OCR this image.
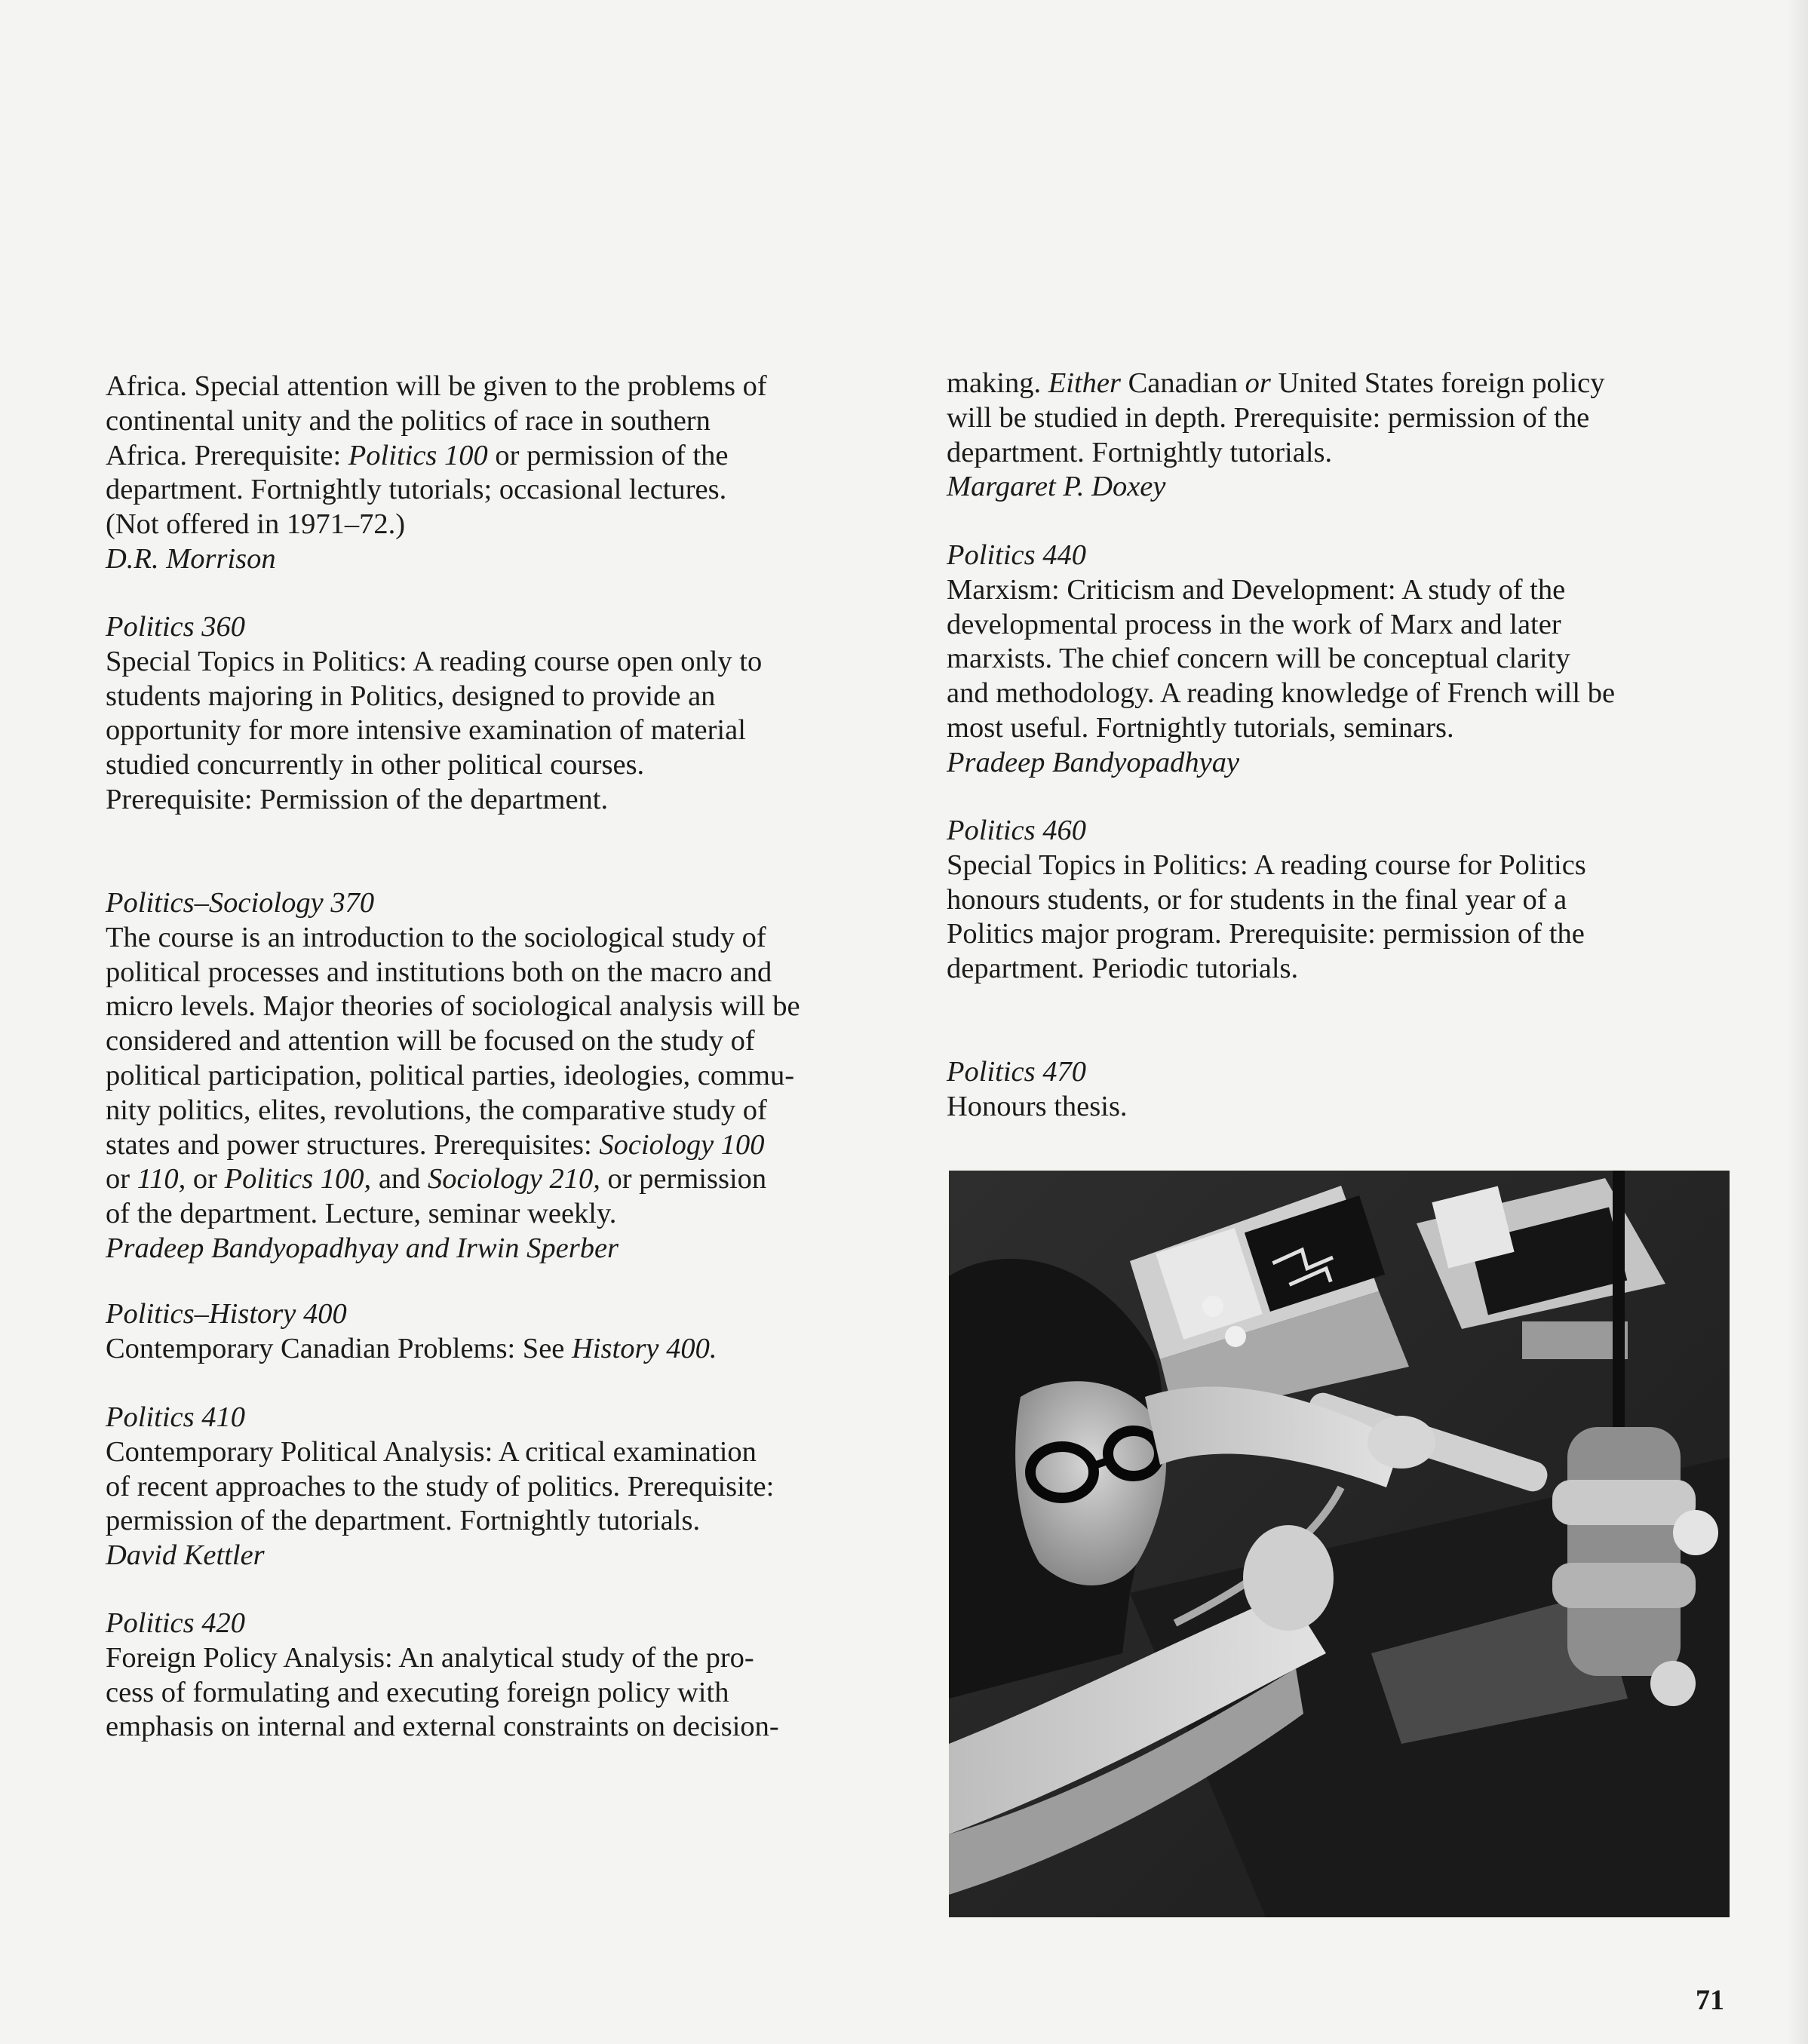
Africa. Special attention will be given to the problems of

continental unity and the politics of race in southern

Africa. Prerequisite: Politics 100 or permission of the

department. Fortnightly tutorials; occasional lectures.

(Not offered in 1971–72.)

D.R. Morrison

Politics 360

Special Topics in Politics: A reading course open only to

students majoring in Politics, designed to provide an

opportunity for more intensive examination of material

studied concurrently in other political courses.

Prerequisite: Permission of the department.

Politics–Sociology 370

The course is an introduction to the sociological study of

political processes and institutions both on the macro and

micro levels. Major theories of sociological analysis will be

considered and attention will be focused on the study of

political participation, political parties, ideologies, commu-

nity politics, elites, revolutions, the comparative study of

states and power structures. Prerequisites: Sociology 100

or 110, or Politics 100, and Sociology 210, or permission

of the department. Lecture, seminar weekly.

Pradeep Bandyopadhyay and Irwin Sperber

Politics–History 400

Contemporary Canadian Problems: See History 400.

Politics 410

Contemporary Political Analysis: A critical examination

of recent approaches to the study of politics. Prerequisite:

permission of the department. Fortnightly tutorials.

David Kettler

Politics 420

Foreign Policy Analysis: An analytical study of the pro-

cess of formulating and executing foreign policy with

emphasis on internal and external constraints on decision-

making. Either Canadian or United States foreign policy

will be studied in depth. Prerequisite: permission of the

department. Fortnightly tutorials.

Margaret P. Doxey

Politics 440

Marxism: Criticism and Development: A study of the

developmental process in the work of Marx and later

marxists. The chief concern will be conceptual clarity

and methodology. A reading knowledge of French will be

most useful. Fortnightly tutorials, seminars.

Pradeep Bandyopadhyay

Politics 460

Special Topics in Politics: A reading course for Politics

honours students, or for students in the final year of a

Politics major program. Prerequisite: permission of the

department. Periodic tutorials.

Politics 470

Honours thesis.

71
